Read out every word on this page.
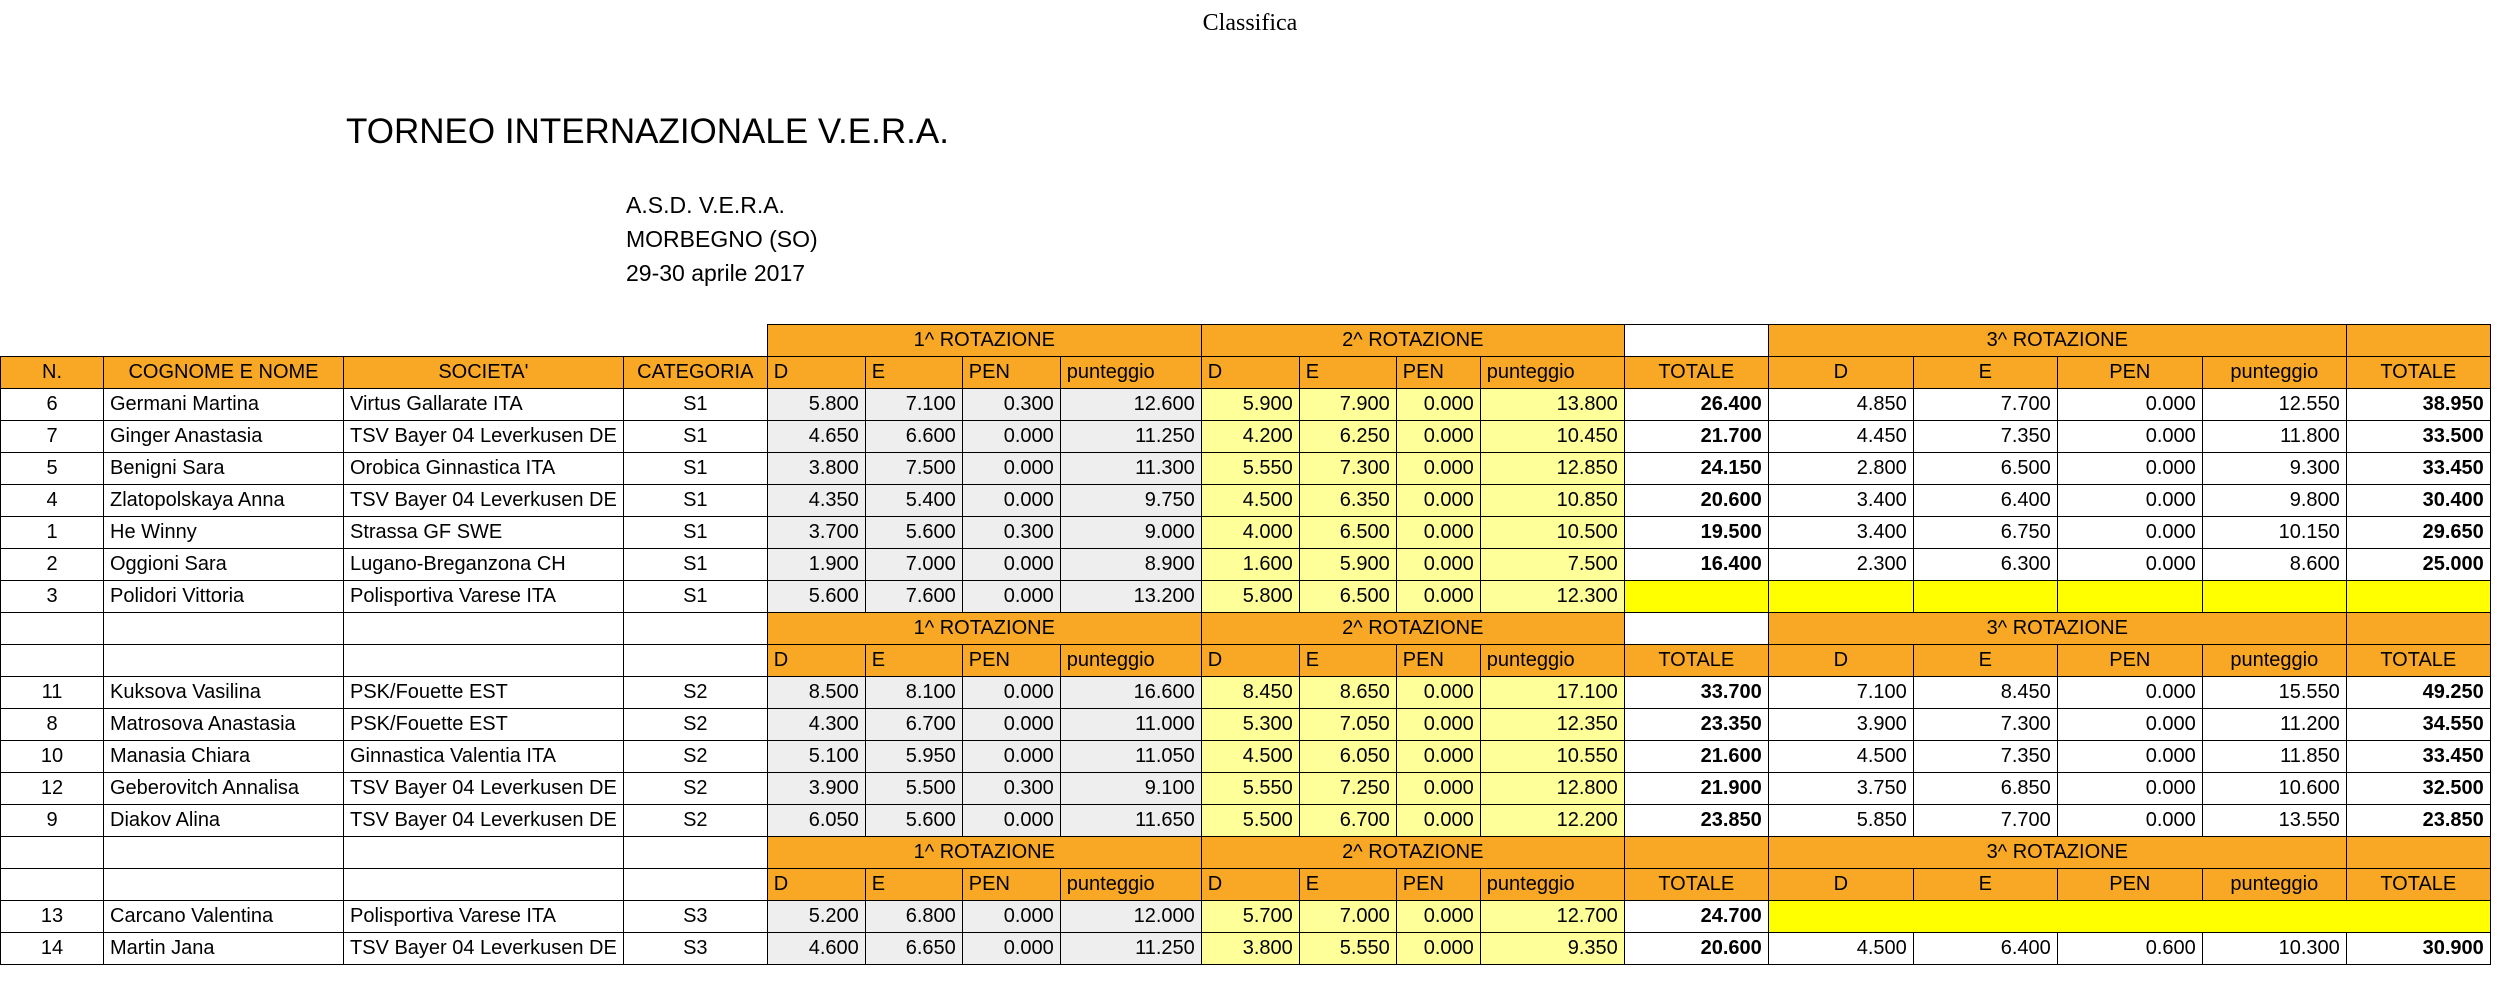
Classifica
TORNEO INTERNAZIONALE V.E.R.A.
A.S.D. V.E.R.A.
MORBEGNO (SO)
29-30 aprile 2017
				1^ ROTAZIONE				2^ ROTAZIONE					3^ ROTAZIONE				
N.	COGNOME E NOME	SOCIETA'	CATEGORIA	D	E	PEN	punteggio	D	E	PEN	punteggio	TOTALE	D	E	PEN	punteggio	TOTALE
6	Germani Martina	Virtus Gallarate ITA	S1	5.800	7.100	0.300	12.600	5.900	7.900	0.000	13.800	26.400	4.850	7.700	0.000	12.550	38.950
7	Ginger Anastasia	TSV Bayer 04 Leverkusen DE	S1	4.650	6.600	0.000	11.250	4.200	6.250	0.000	10.450	21.700	4.450	7.350	0.000	11.800	33.500
5	Benigni Sara	Orobica Ginnastica ITA	S1	3.800	7.500	0.000	11.300	5.550	7.300	0.000	12.850	24.150	2.800	6.500	0.000	9.300	33.450
4	Zlatopolskaya Anna	TSV Bayer 04 Leverkusen DE	S1	4.350	5.400	0.000	9.750	4.500	6.350	0.000	10.850	20.600	3.400	6.400	0.000	9.800	30.400
1	He Winny	Strassa GF SWE	S1	3.700	5.600	0.300	9.000	4.000	6.500	0.000	10.500	19.500	3.400	6.750	0.000	10.150	29.650
2	Oggioni Sara	Lugano-Breganzona CH	S1	1.900	7.000	0.000	8.900	1.600	5.900	0.000	7.500	16.400	2.300	6.300	0.000	8.600	25.000
3	Polidori Vittoria	Polisportiva Varese ITA	S1	5.600	7.600	0.000	13.200	5.800	6.500	0.000	12.300						
				1^ ROTAZIONE				2^ ROTAZIONE					3^ ROTAZIONE				
				D	E	PEN	punteggio	D	E	PEN	punteggio	TOTALE	D	E	PEN	punteggio	TOTALE
11	Kuksova Vasilina	PSK/Fouette EST	S2	8.500	8.100	0.000	16.600	8.450	8.650	0.000	17.100	33.700	7.100	8.450	0.000	15.550	49.250
8	Matrosova Anastasia	PSK/Fouette EST	S2	4.300	6.700	0.000	11.000	5.300	7.050	0.000	12.350	23.350	3.900	7.300	0.000	11.200	34.550
10	Manasia Chiara	Ginnastica Valentia ITA	S2	5.100	5.950	0.000	11.050	4.500	6.050	0.000	10.550	21.600	4.500	7.350	0.000	11.850	33.450
12	Geberovitch Annalisa	TSV Bayer 04 Leverkusen DE	S2	3.900	5.500	0.300	9.100	5.550	7.250	0.000	12.800	21.900	3.750	6.850	0.000	10.600	32.500
9	Diakov Alina	TSV Bayer 04 Leverkusen DE	S2	6.050	5.600	0.000	11.650	5.500	6.700	0.000	12.200	23.850	5.850	7.700	0.000	13.550	23.850
				1^ ROTAZIONE				2^ ROTAZIONE					3^ ROTAZIONE				
				D	E	PEN	punteggio	D	E	PEN	punteggio	TOTALE	D	E	PEN	punteggio	TOTALE
13	Carcano Valentina	Polisportiva Varese ITA	S3	5.200	6.800	0.000	12.000	5.700	7.000	0.000	12.700	24.700					
14	Martin Jana	TSV Bayer 04 Leverkusen DE	S3	4.600	6.650	0.000	11.250	3.800	5.550	0.000	9.350	20.600	4.500	6.400	0.600	10.300	30.900
